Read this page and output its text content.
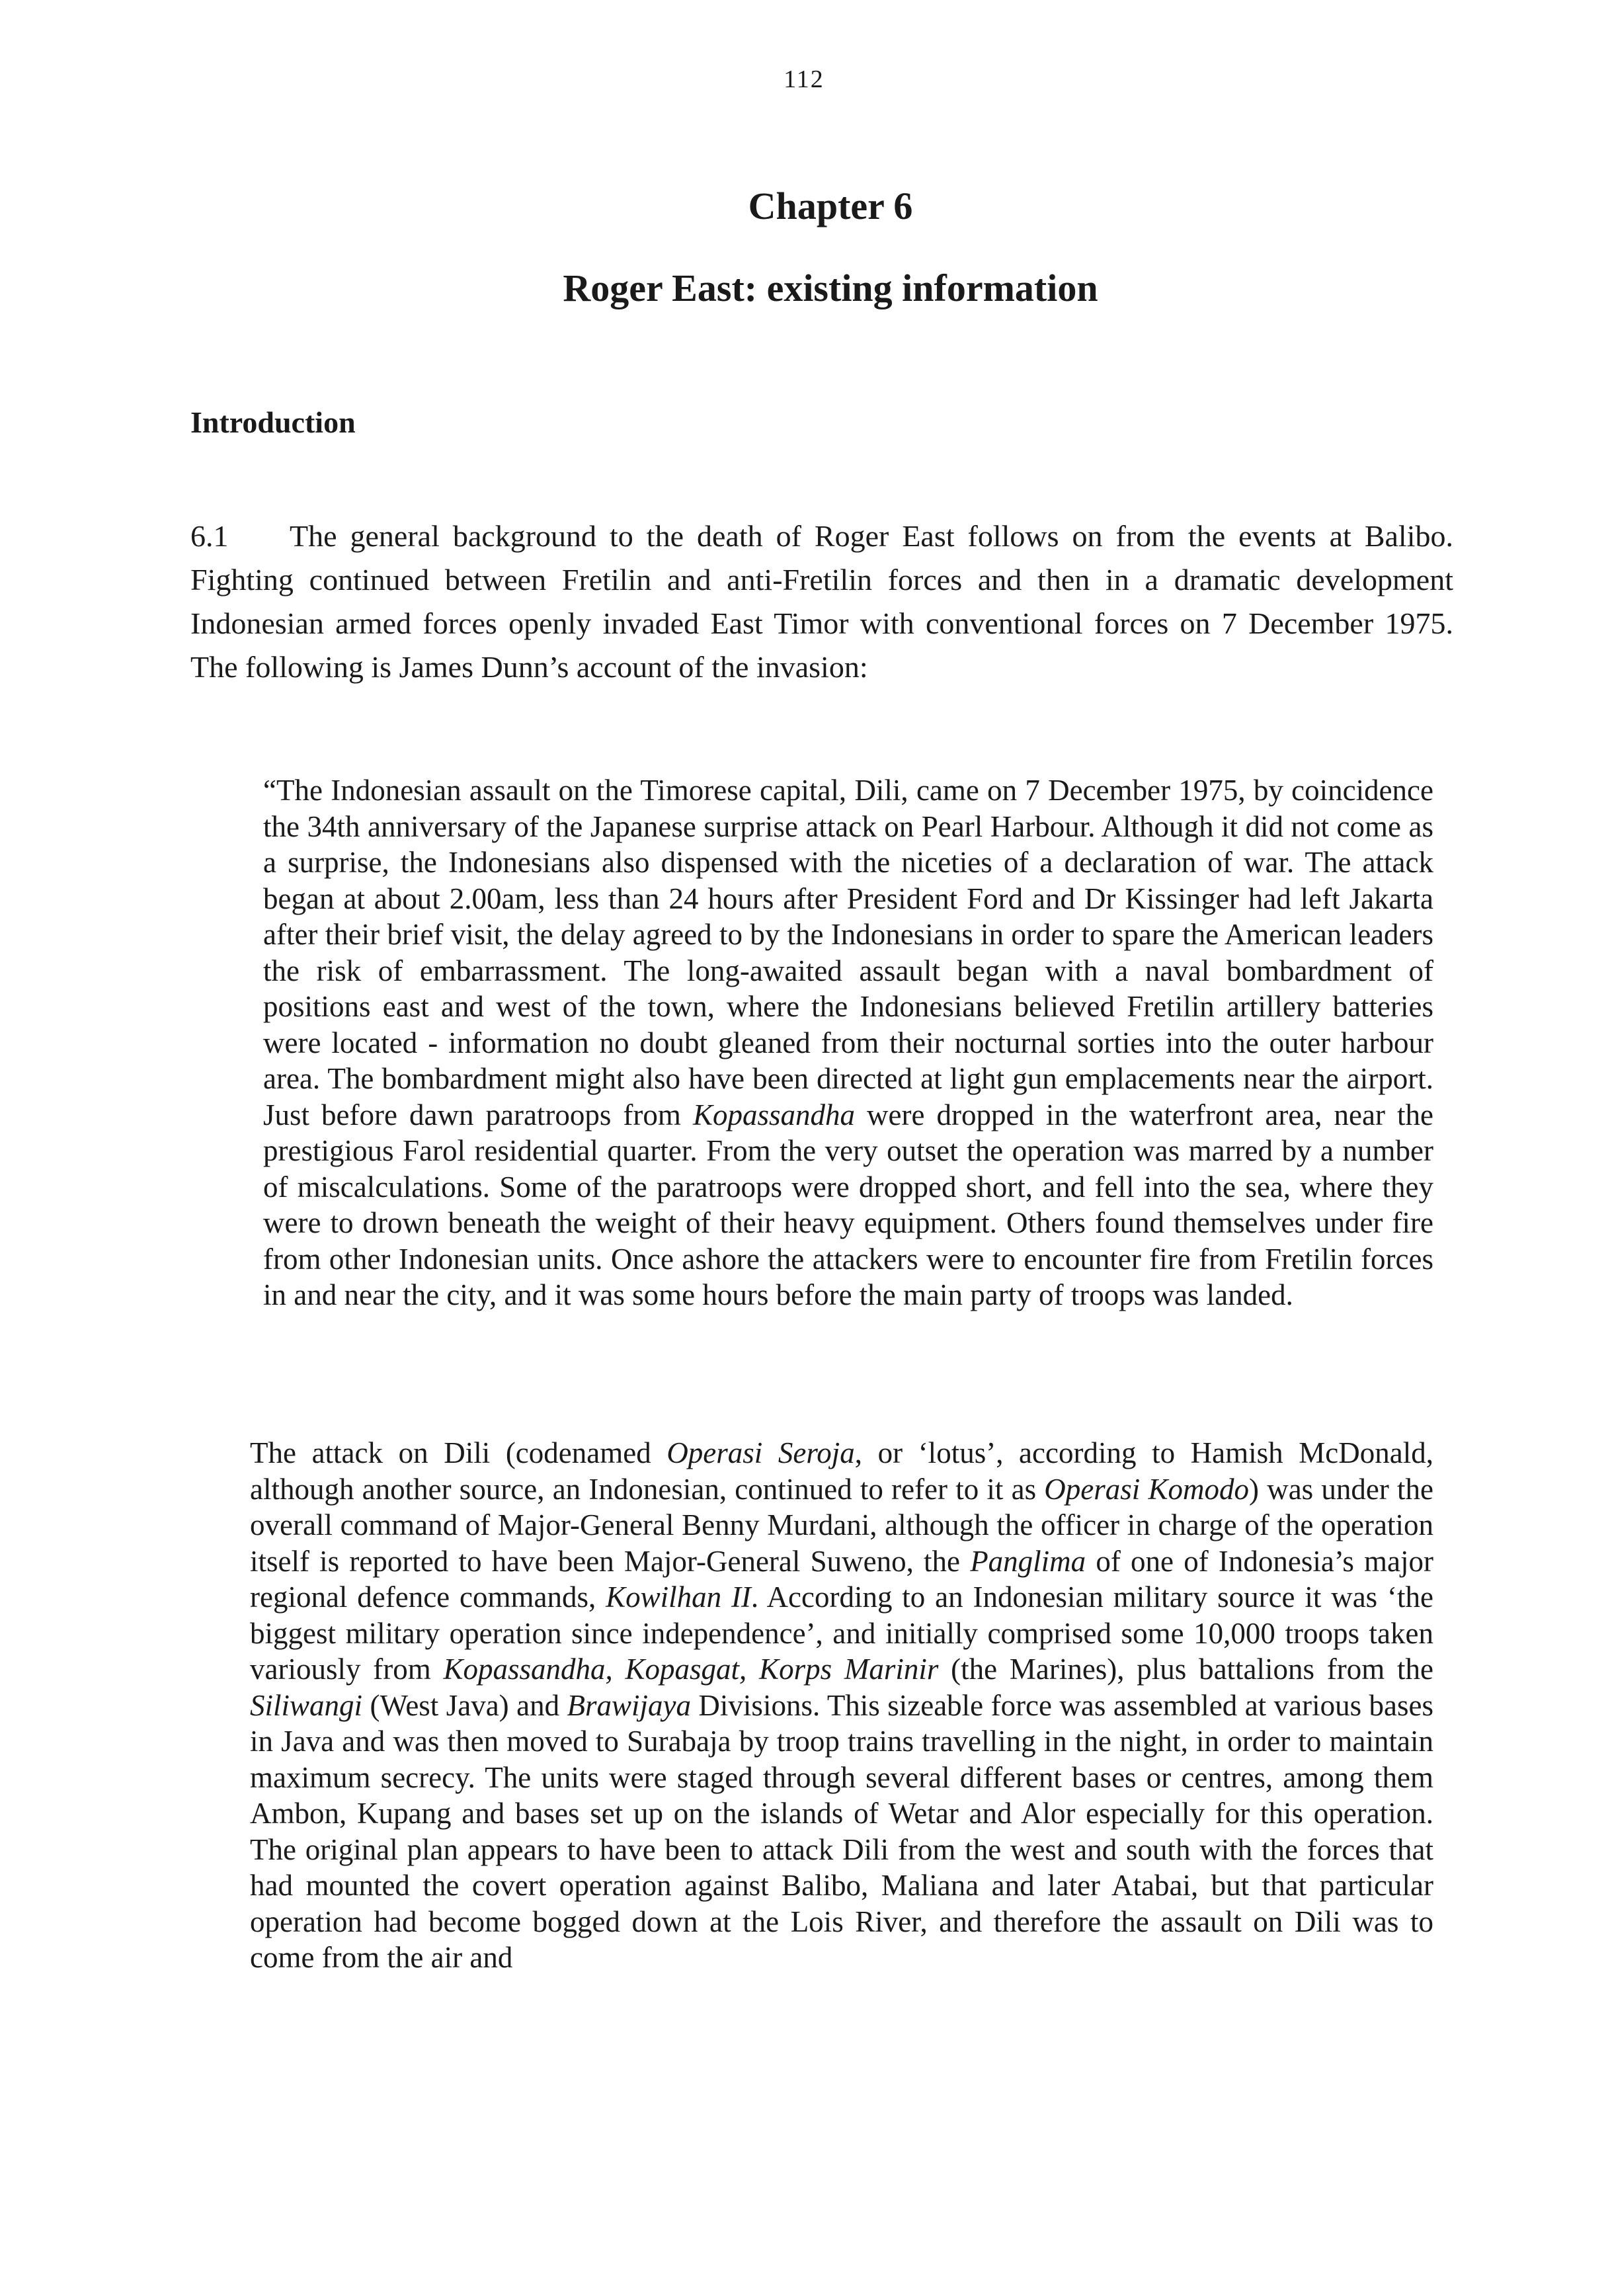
112
Chapter 6
Roger East: existing information
Introduction

6.1 The general background to the death of Roger East follows on from the events at Balibo. Fighting continued between Fretilin and anti-Fretilin forces and then in a dramatic development Indonesian armed forces openly invaded East Timor with conventional forces on 7 December 1975. The following is James Dunn’s account of the invasion:

“The Indonesian assault on the Timorese capital, Dili, came on 7 December 1975, by coincidence the 34th anniversary of the Japanese surprise attack on Pearl Harbour. Although it did not come as a surprise, the Indonesians also dispensed with the niceties of a declaration of war. The attack began at about 2.00am, less than 24 hours after President Ford and Dr Kissinger had left Jakarta after their brief visit, the delay agreed to by the Indonesians in order to spare the American leaders the risk of embarrassment. The long-awaited assault began with a naval bombardment of positions east and west of the town, where the Indonesians believed Fretilin artillery batteries were located - information no doubt gleaned from their nocturnal sorties into the outer harbour area. The bombardment might also have been directed at light gun emplacements near the airport. Just before dawn paratroops from Kopassandha were dropped in the waterfront area, near the prestigious Farol residential quarter. From the very outset the operation was marred by a number of miscalculations. Some of the paratroops were dropped short, and fell into the sea, where they were to drown beneath the weight of their heavy equipment. Others found themselves under fire from other Indonesian units. Once ashore the attackers were to encounter fire from Fretilin forces in and near the city, and it was some hours before the main party of troops was landed.

The attack on Dili (codenamed Operasi Seroja, or ‘lotus’, according to Hamish McDonald, although another source, an Indonesian, continued to refer to it as Operasi Komodo) was under the overall command of Major-General Benny Murdani, although the officer in charge of the operation itself is reported to have been Major-General Suweno, the Panglima of one of Indonesia’s major regional defence commands, Kowilhan II. According to an Indonesian military source it was ‘the biggest military operation since independence’, and initially comprised some 10,000 troops taken variously from Kopassandha, Kopasgat, Korps Marinir (the Marines), plus battalions from the Siliwangi (West Java) and Brawijaya Divisions. This sizeable force was assembled at various bases in Java and was then moved to Surabaja by troop trains travelling in the night, in order to maintain maximum secrecy. The units were staged through several different bases or centres, among them Ambon, Kupang and bases set up on the islands of Wetar and Alor especially for this operation. The original plan appears to have been to attack Dili from the west and south with the forces that had mounted the covert operation against Balibo, Maliana and later Atabai, but that particular operation had become bogged down at the Lois River, and therefore the assault on Dili was to come from the air and
